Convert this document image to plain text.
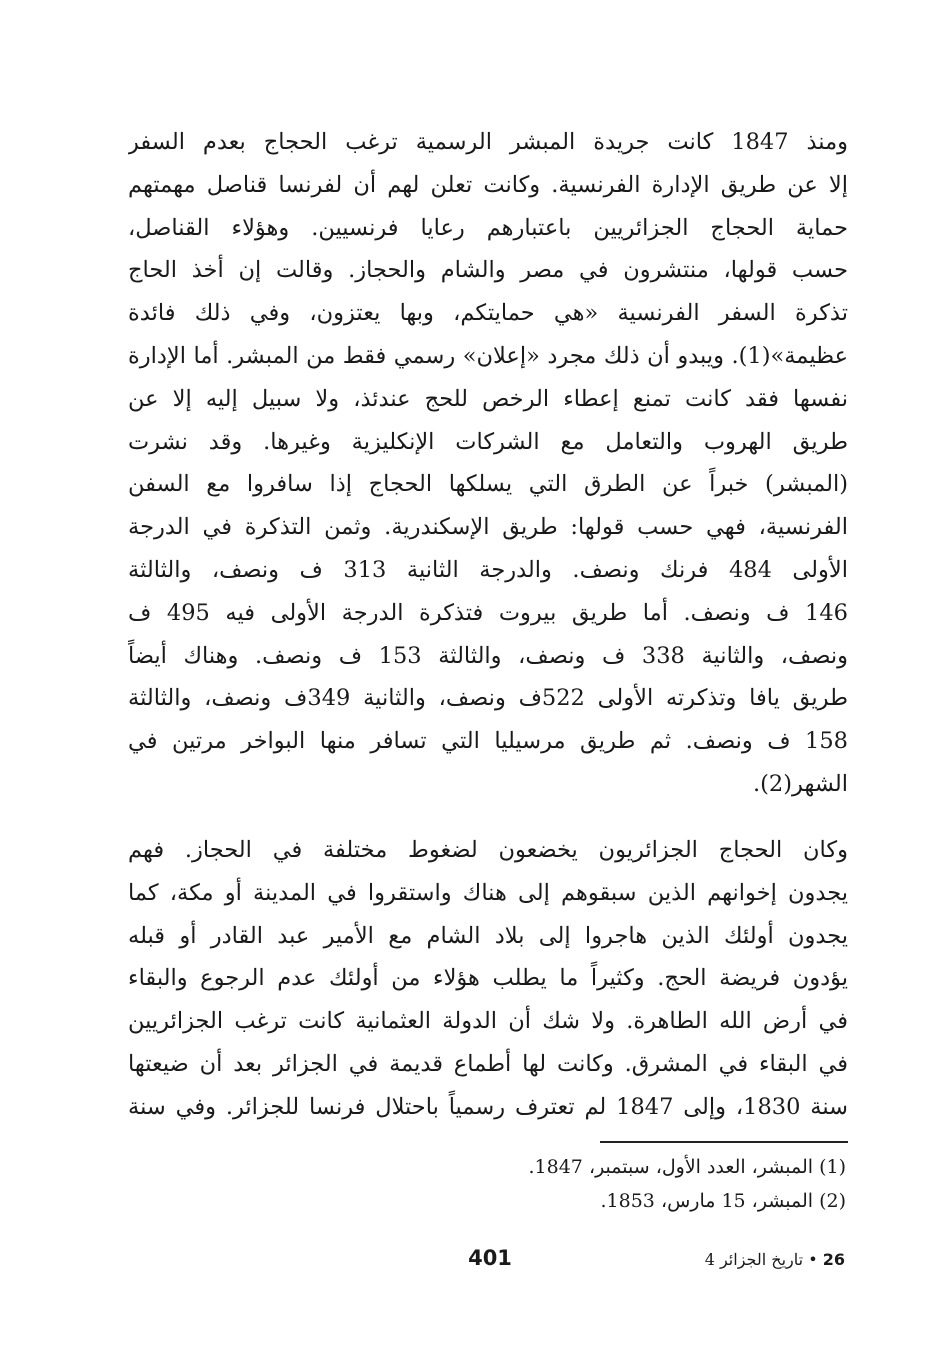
ومنذ 1847 كانت جريدة المبشر الرسمية ترغب الحجاج بعدم السفر
إلا عن طريق الإدارة الفرنسية. وكانت تعلن لهم أن لفرنسا قناصل مهمتهم
حماية الحجاج الجزائريين باعتبارهم رعايا فرنسيين. وهؤلاء القناصل،
حسب قولها، منتشرون في مصر والشام والحجاز. وقالت إن أخذ الحاج
تذكرة السفر الفرنسية «هي حمايتكم، وبها يعتزون، وفي ذلك فائدة
عظيمة»(1). ويبدو أن ذلك مجرد «إعلان» رسمي فقط من المبشر. أما الإدارة
نفسها فقد كانت تمنع إعطاء الرخص للحج عندئذ، ولا سبيل إليه إلا عن
طريق الهروب والتعامل مع الشركات الإنكليزية وغيرها. وقد نشرت
(المبشر) خبراً عن الطرق التي يسلكها الحجاج إذا سافروا مع السفن
الفرنسية، فهي حسب قولها: طريق الإسكندرية. وثمن التذكرة في الدرجة
الأولى 484 فرنك ونصف. والدرجة الثانية 313 ف ونصف، والثالثة
146 ف ونصف. أما طريق بيروت فتذكرة الدرجة الأولى فيه 495 ف
ونصف، والثانية 338 ف ونصف، والثالثة 153 ف ونصف. وهناك أيضاً
طريق يافا وتذكرته الأولى 522ف ونصف، والثانية 349ف ونصف، والثالثة
158 ف ونصف. ثم طريق مرسيليا التي تسافر منها البواخر مرتين في
الشهر(2).
وكان الحجاج الجزائريون يخضعون لضغوط مختلفة في الحجاز. فهم
يجدون إخوانهم الذين سبقوهم إلى هناك واستقروا في المدينة أو مكة، كما
يجدون أولئك الذين هاجروا إلى بلاد الشام مع الأمير عبد القادر أو قبله
يؤدون فريضة الحج. وكثيراً ما يطلب هؤلاء من أولئك عدم الرجوع والبقاء
في أرض الله الطاهرة. ولا شك أن الدولة العثمانية كانت ترغب الجزائريين
في البقاء في المشرق. وكانت لها أطماع قديمة في الجزائر بعد أن ضيعتها
سنة 1830، وإلى 1847 لم تعترف رسمياً باحتلال فرنسا للجزائر. وفي سنة
(1) المبشر، العدد الأول، سبتمبر، 1847.
(2) المبشر، 15 مارس، 1853.
401	26 • تاريخ الجزائر 4
